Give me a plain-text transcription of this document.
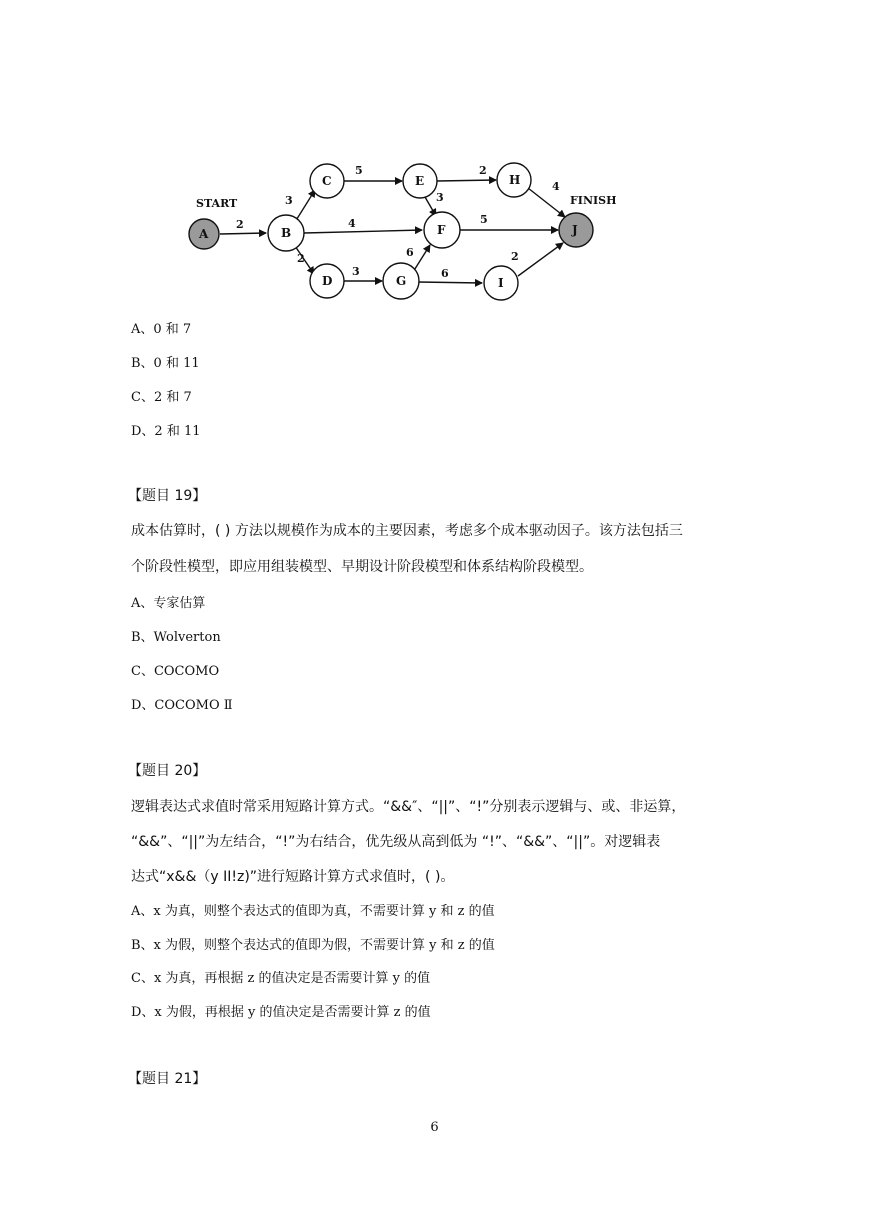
2
3
4
2
5	2
3
4
5
3
6
6
2
A
START
B
C	E	H
F
D	G	I
J
FINISH
A、0 和 7
B、0 和 11
C、2 和 7
D、2 和 11
【题目 19】
成本估算时，( ) 方法以规模作为成本的主要因素，考虑多个成本驱动因子。该方法包括三
个阶段性模型，即应用组装模型、早期设计阶段模型和体系结构阶段模型。
A、专家估算
B、Wolverton
C、COCOMO
D、COCOMO Ⅱ
【题目 20】
逻辑表达式求值时常采用短路计算方式。“&&″、“||”、“!”分别表示逻辑与、或、非运算，
“&&”、“||”为左结合，“!”为右结合，优先级从高到低为 “!”、“&&”、“||”。对逻辑表
达式“x&&（y II!z)”进行短路计算方式求值时，( )。
A、x 为真，则整个表达式的值即为真，不需要计算 y 和 z 的值
B、x 为假，则整个表达式的值即为假，不需要计算 y 和 z 的值
C、x 为真，再根据 z 的值决定是否需要计算 y 的值
D、x 为假，再根据 y 的值决定是否需要计算 z 的值
【题目 21】
6
